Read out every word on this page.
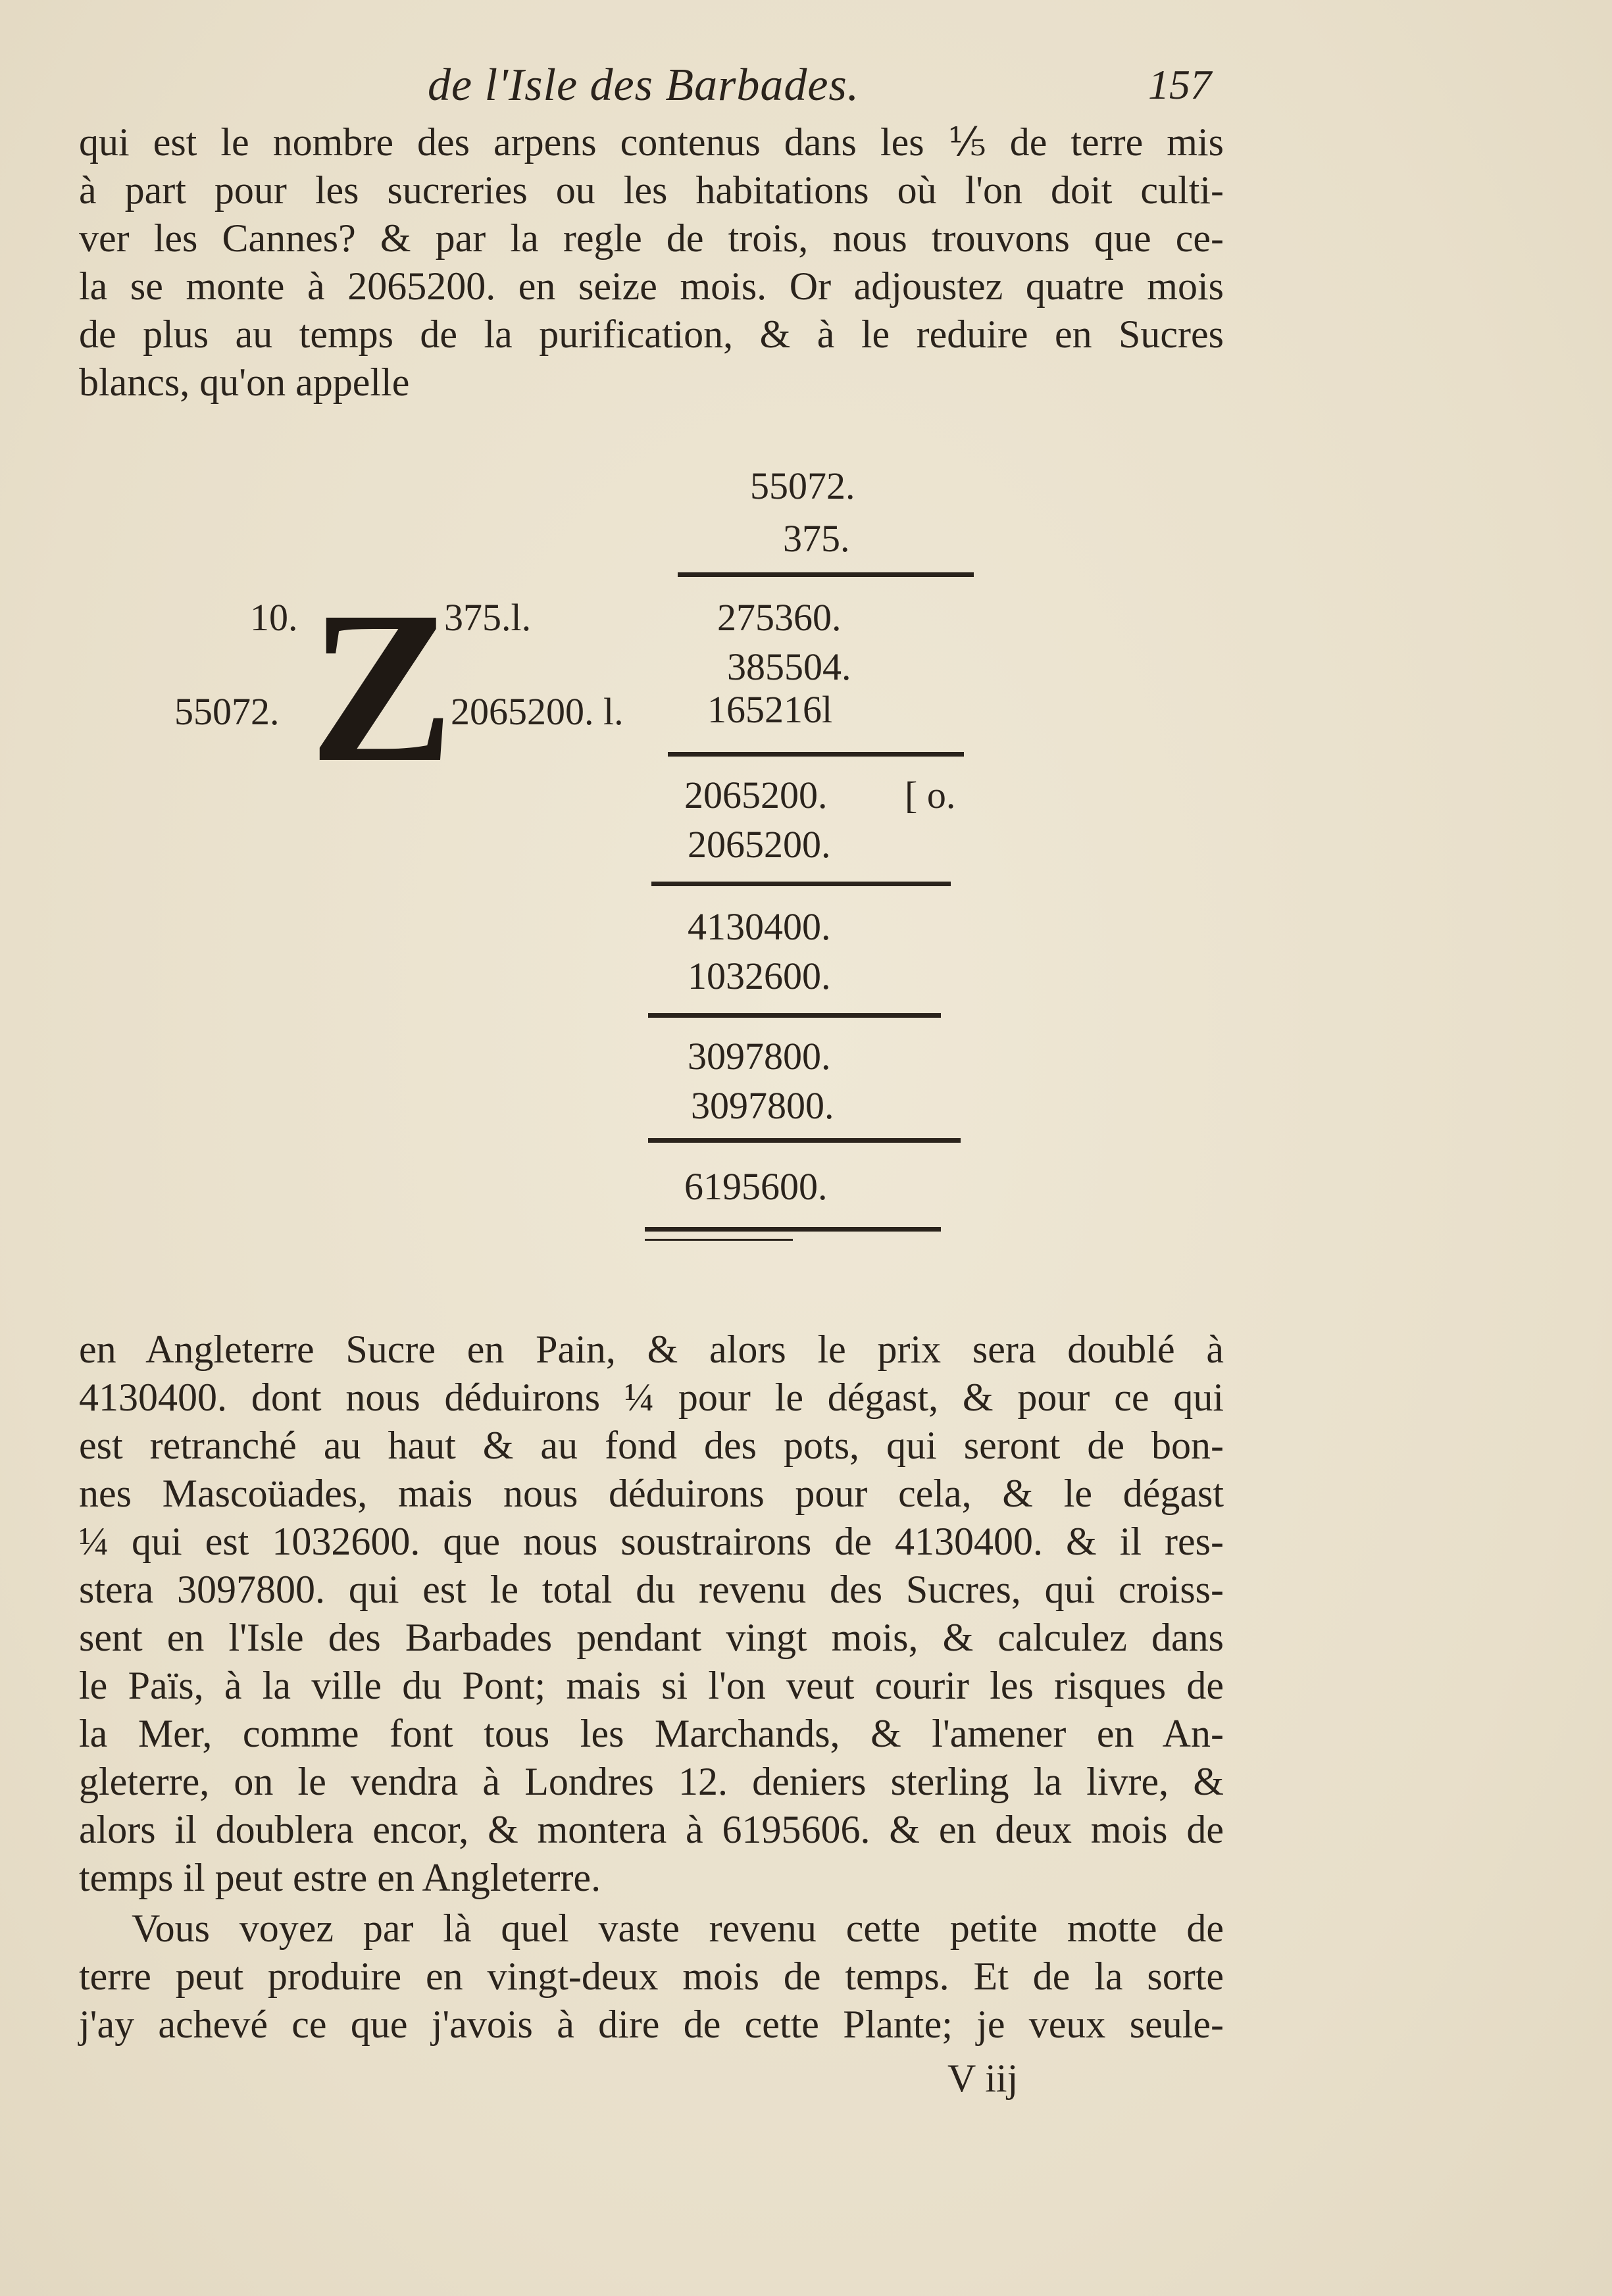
de l'Isle des Barbades.	157
qui est le nombre des arpens contenus dans les ⅕ de terre mis
à part pour les sucreries ou les habitations où l'on doit culti-
ver les Cannes? & par la regle de trois, nous trouvons que ce-
la se monte à 2065200. en seize mois. Or adjoustez quatre mois
de plus au temps de la purification, & à le reduire en Sucres
blancs, qu'on appelle
10.
55072.
375.l.
2065200. l.
Z
55072.
375.
275360.
385504.
165216l
2065200. [ o.
2065200.
4130400.
1032600.
3097800.
3097800.
6195600.
en Angleterre Sucre en Pain, & alors le prix sera doublé à
4130400. dont nous déduirons ¼ pour le dégast, & pour ce qui
est retranché au haut & au fond des pots, qui seront de bon-
nes Mascoüades, mais nous déduirons pour cela, & le dégast
¼ qui est 1032600. que nous soustrairons de 4130400. & il res-
stera 3097800. qui est le total du revenu des Sucres, qui croiss-
sent en l'Isle des Barbades pendant vingt mois, & calculez dans
le Païs, à la ville du Pont; mais si l'on veut courir les risques de
la Mer, comme font tous les Marchands, & l'amener en An-
gleterre, on le vendra à Londres 12. deniers sterling la livre, &
alors il doublera encor, & montera à 6195606. & en deux mois de
temps il peut estre en Angleterre.
Vous voyez par là quel vaste revenu cette petite motte de
terre peut produire en vingt-deux mois de temps. Et de la sorte
j'ay achevé ce que j'avois à dire de cette Plante; je veux seule-
V iij
